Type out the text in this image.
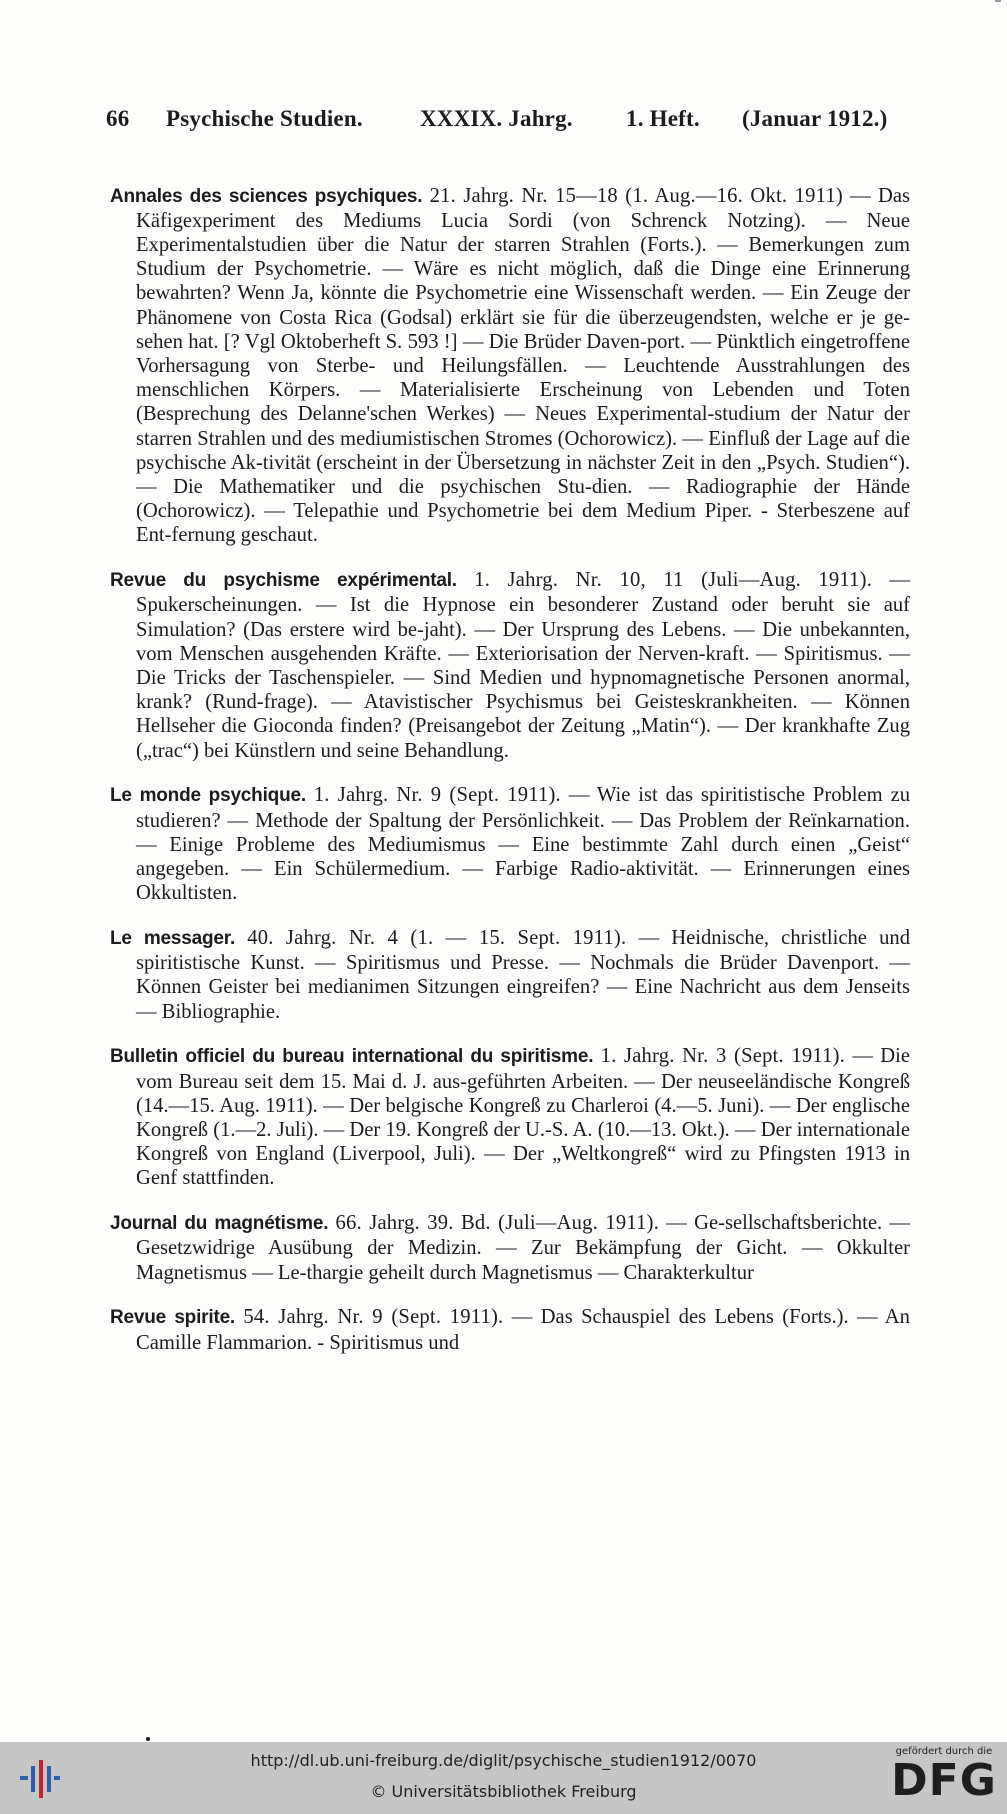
66 Psychische Studien. XXXIX. Jahrg. 1. Heft. (Januar 1912.)

Annales des sciences psychiques. 21. Jahrg. Nr. 15—18 (1. Aug.—16. Okt. 1911) — Das Käfigexperiment des Mediums Lucia Sordi (von Schrenck Notzing). — Neue Experimentalstudien über die Natur der starren Strahlen (Forts.). — Bemerkungen zum Studium der Psychometrie. — Wäre es nicht möglich, daß die Dinge eine Erinnerung bewahrten? Wenn Ja, könnte die Psychometrie eine Wissenschaft werden. — Ein Zeuge der Phänomene von Costa Rica (Godsal) erklärt sie für die überzeugendsten, welche er je ge-sehen hat. [? Vgl Oktoberheft S. 593 !] — Die Brüder Daven-port. — Pünktlich eingetroffene Vorhersagung von Sterbe- und Heilungsfällen. — Leuchtende Ausstrahlungen des menschlichen Körpers. — Materialisierte Erscheinung von Lebenden und Toten (Besprechung des Delanne'schen Werkes) — Neues Experimental-studium der Natur der starren Strahlen und des mediumistischen Stromes (Ochorowicz). — Einfluß der Lage auf die psychische Ak-tivität (erscheint in der Übersetzung in nächster Zeit in den „Psych. Studien“). — Die Mathematiker und die psychischen Stu-dien. — Radiographie der Hände (Ochorowicz). — Telepathie und Psychometrie bei dem Medium Piper. - Sterbeszene auf Ent-fernung geschaut.

Revue du psychisme expérimental. 1. Jahrg. Nr. 10, 11 (Juli—Aug. 1911). — Spukerscheinungen. — Ist die Hypnose ein besonderer Zustand oder beruht sie auf Simulation? (Das erstere wird be-jaht). — Der Ursprung des Lebens. — Die unbekannten, vom Menschen ausgehenden Kräfte. — Exteriorisation der Nerven-kraft. — Spiritismus. — Die Tricks der Taschenspieler. — Sind Medien und hypnomagnetische Personen anormal, krank? (Rund-frage). — Atavistischer Psychismus bei Geisteskrankheiten. — Können Hellseher die Gioconda finden? (Preisangebot der Zeitung „Matin“). — Der krankhafte Zug („trac“) bei Künstlern und seine Behandlung.

Le monde psychique. 1. Jahrg. Nr. 9 (Sept. 1911). — Wie ist das spiritistische Problem zu studieren? — Methode der Spaltung der Persönlichkeit. — Das Problem der Reïnkarnation. — Einige Probleme des Mediumismus — Eine bestimmte Zahl durch einen „Geist“ angegeben. — Ein Schülermedium. — Farbige Radio-aktivität. — Erinnerungen eines Okkultisten.

Le messager. 40. Jahrg. Nr. 4 (1. — 15. Sept. 1911). — Heidnische, christliche und spiritistische Kunst. — Spiritismus und Presse. — Nochmals die Brüder Davenport. — Können Geister bei medianimen Sitzungen eingreifen? — Eine Nachricht aus dem Jenseits — Bibliographie.

Bulletin officiel du bureau international du spiritisme. 1. Jahrg. Nr. 3 (Sept. 1911). — Die vom Bureau seit dem 15. Mai d. J. aus-geführten Arbeiten. — Der neuseeländische Kongreß (14.—15. Aug. 1911). — Der belgische Kongreß zu Charleroi (4.—5. Juni). — Der englische Kongreß (1.—2. Juli). — Der 19. Kongreß der U.-S. A. (10.—13. Okt.). — Der internationale Kongreß von England (Liverpool, Juli). — Der „Weltkongreß“ wird zu Pfingsten 1913 in Genf stattfinden.

Journal du magnétisme. 66. Jahrg. 39. Bd. (Juli—Aug. 1911). — Ge-sellschaftsberichte. — Gesetzwidrige Ausübung der Medizin. — Zur Bekämpfung der Gicht. — Okkulter Magnetismus — Le-thargie geheilt durch Magnetismus — Charakterkultur

Revue spirite. 54. Jahrg. Nr. 9 (Sept. 1911). — Das Schauspiel des Lebens (Forts.). — An Camille Flammarion. - Spiritismus und

http://dl.ub.uni-freiburg.de/diglit/psychische_studien1912/0070
© Universitätsbibliothek Freiburg
gefördert durch die
DFG
